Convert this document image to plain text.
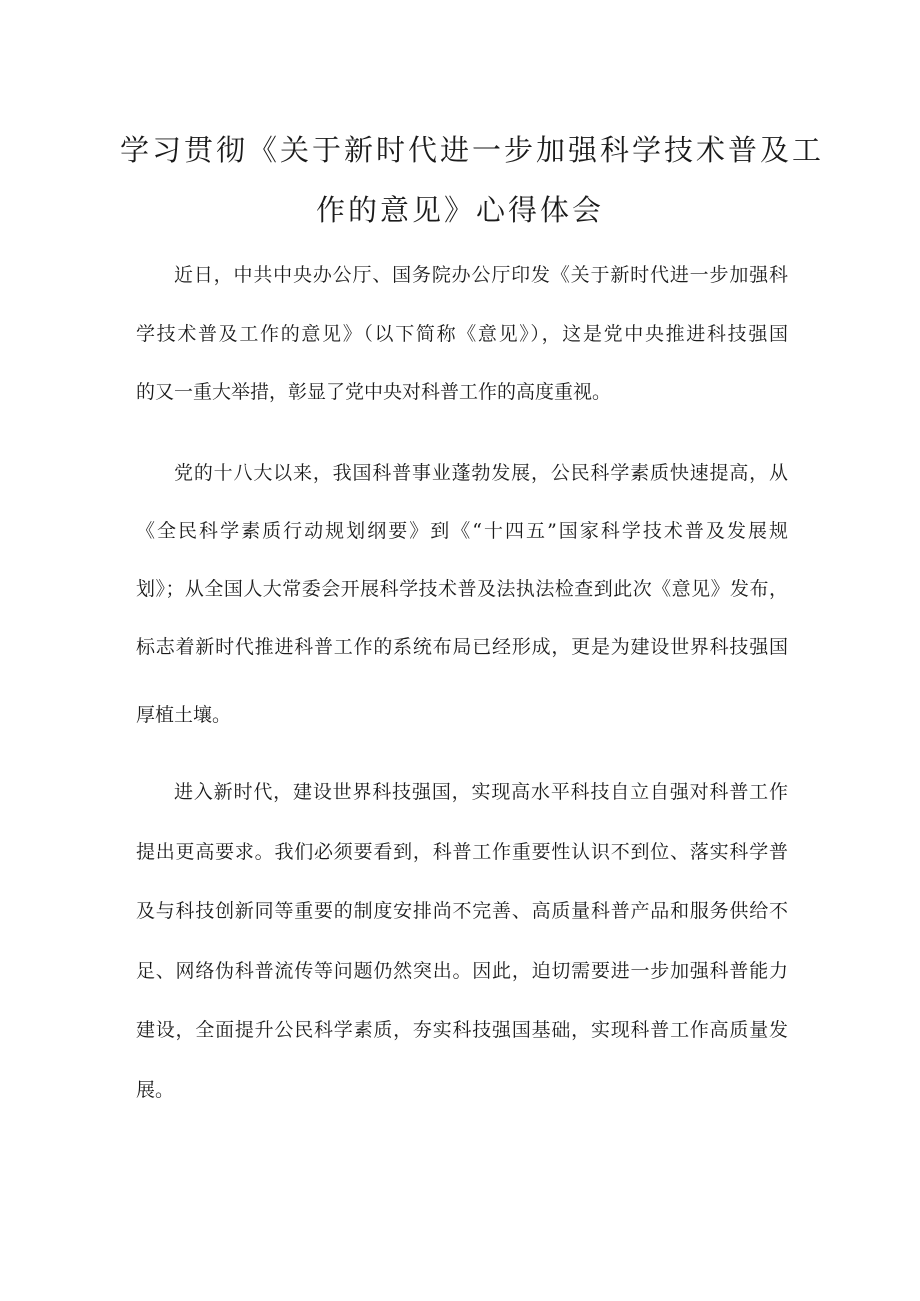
学习贯彻《关于新时代进一步加强科学技术普及工
作的意见》心得体会

近日，中共中央办公厅、国务院办公厅印发《关于新时代进一步加强科

学技术普及工作的意见》（以下简称《意见》），这是党中央推进科技强国

的又一重大举措，彰显了党中央对科普工作的高度重视。

党的十八大以来，我国科普事业蓬勃发展，公民科学素质快速提高，从

《全民科学素质行动规划纲要》到《“十四五”国家科学技术普及发展规

划》；从全国人大常委会开展科学技术普及法执法检查到此次《意见》发布，

标志着新时代推进科普工作的系统布局已经形成，更是为建设世界科技强国

厚植土壤。

进入新时代，建设世界科技强国，实现高水平科技自立自强对科普工作

提出更高要求。我们必须要看到，科普工作重要性认识不到位、落实科学普

及与科技创新同等重要的制度安排尚不完善、高质量科普产品和服务供给不

足、网络伪科普流传等问题仍然突出。因此，迫切需要进一步加强科普能力

建设，全面提升公民科学素质，夯实科技强国基础，实现科普工作高质量发

展。
